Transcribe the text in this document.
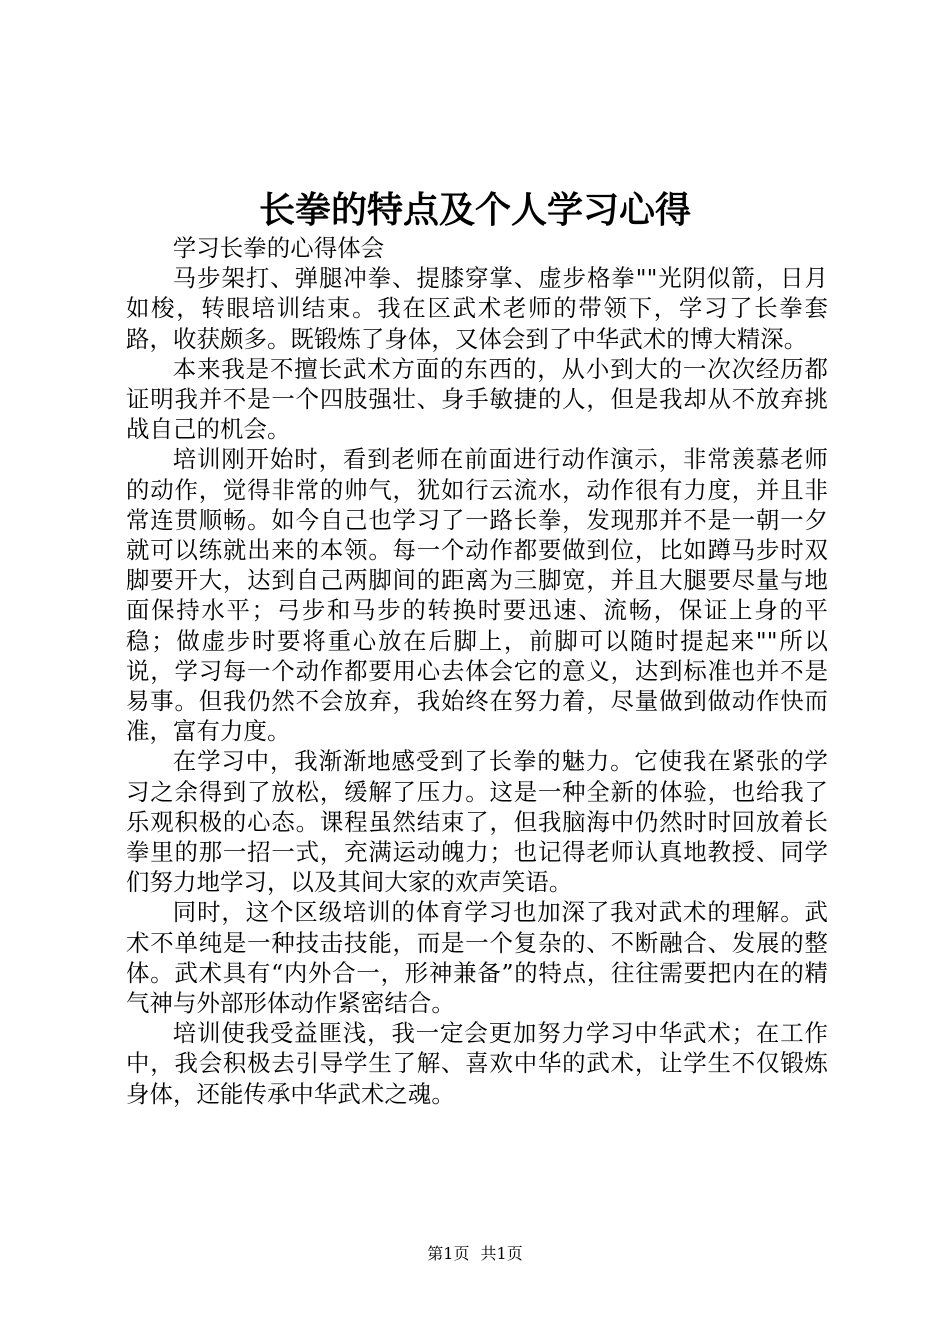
长拳的特点及个人学习心得

学习长拳的心得体会

马步架打、弹腿冲拳、提膝穿掌、虚步格拳""光阴似箭，日月如梭，转眼培训结束。我在区武术老师的带领下，学习了长拳套路，收获颇多。既锻炼了身体，又体会到了中华武术的博大精深。

本来我是不擅长武术方面的东西的，从小到大的一次次经历都证明我并不是一个四肢强壮、身手敏捷的人，但是我却从不放弃挑战自己的机会。

培训刚开始时，看到老师在前面进行动作演示，非常羡慕老师的动作，觉得非常的帅气，犹如行云流水，动作很有力度，并且非常连贯顺畅。如今自己也学习了一路长拳，发现那并不是一朝一夕就可以练就出来的本领。每一个动作都要做到位，比如蹲马步时双脚要开大，达到自己两脚间的距离为三脚宽，并且大腿要尽量与地面保持水平；弓步和马步的转换时要迅速、流畅，保证上身的平稳；做虚步时要将重心放在后脚上，前脚可以随时提起来""所以说，学习每一个动作都要用心去体会它的意义，达到标准也并不是易事。但我仍然不会放弃，我始终在努力着，尽量做到做动作快而准，富有力度。

在学习中，我渐渐地感受到了长拳的魅力。它使我在紧张的学习之余得到了放松，缓解了压力。这是一种全新的体验，也给我了乐观积极的心态。课程虽然结束了，但我脑海中仍然时时回放着长拳里的那一招一式，充满运动魄力；也记得老师认真地教授、同学们努力地学习，以及其间大家的欢声笑语。

同时，这个区级培训的体育学习也加深了我对武术的理解。武术不单纯是一种技击技能，而是一个复杂的、不断融合、发展的整体。武术具有“内外合一，形神兼备”的特点，往往需要把内在的精气神与外部形体动作紧密结合。

培训使我受益匪浅，我一定会更加努力学习中华武术；在工作中，我会积极去引导学生了解、喜欢中华的武术，让学生不仅锻炼身体，还能传承中华武术之魂。

第1页 共1页
